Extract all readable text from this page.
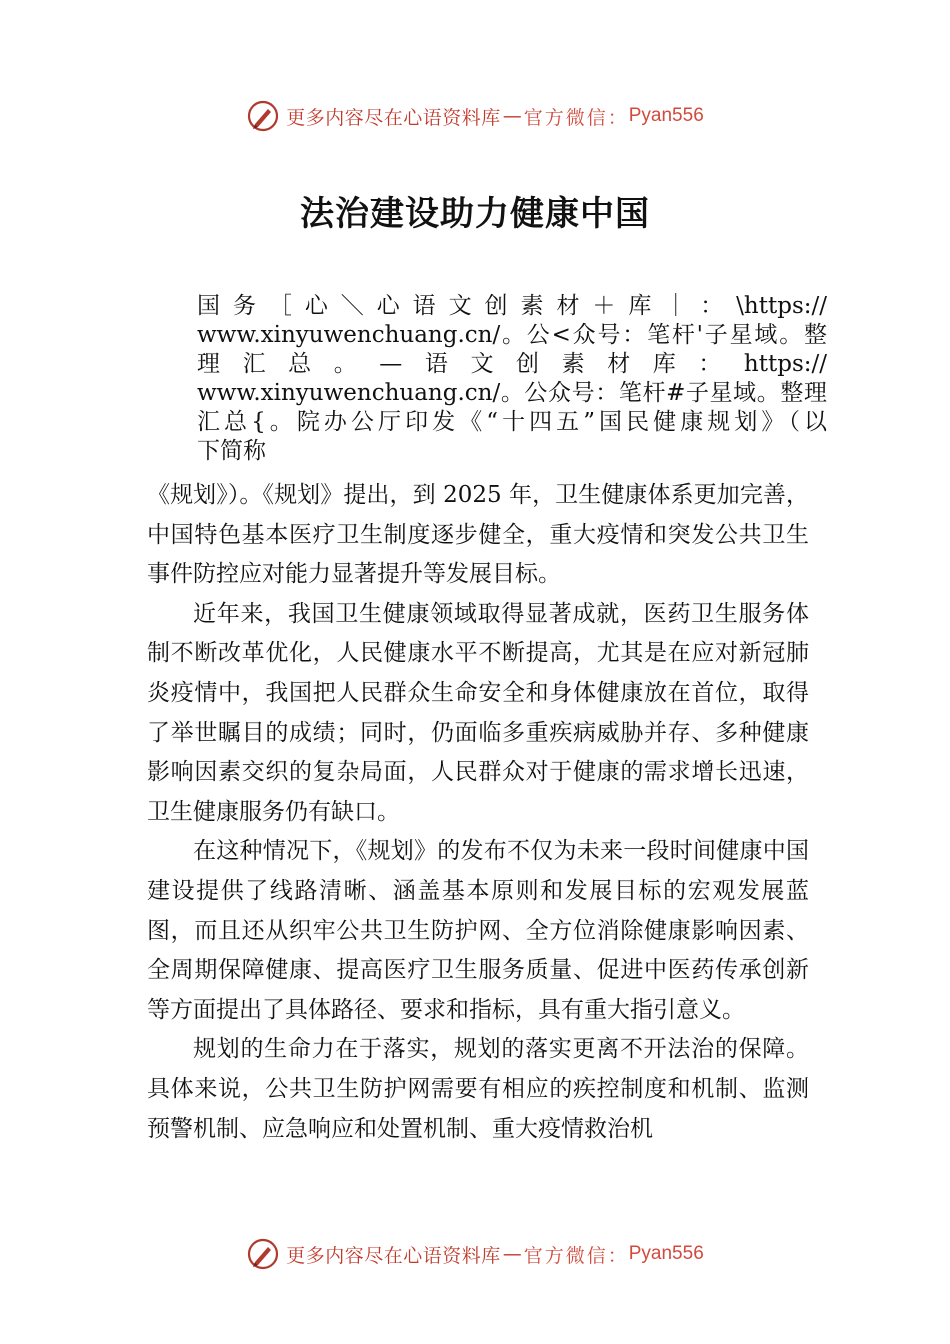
更多内容尽在心语资料库 — 官方微信： Pyan556
法治建设助力健康中国
国务［心＼心语文创素材＋库｜：\https://
www.xinyuwenchuang.cn/。公<众号：笔杆'子星域。整
理汇总。—语文创素材库：https://
www.xinyuwenchuang.cn/。公众号：笔杆#子星域。整理
汇总{。院办公厅印发《“十四五”国民健康规划》（以
下简称

《规划》）。《规划》提出，到 2025 年，卫生健康体系更加完善，中国特色基本医疗卫生制度逐步健全，重大疫情和突发公共卫生事件防控应对能力显著提升等发展目标。

近年来，我国卫生健康领域取得显著成就，医药卫生服务体制不断改革优化，人民健康水平不断提高，尤其是在应对新冠肺炎疫情中，我国把人民群众生命安全和身体健康放在首位，取得了举世瞩目的成绩；同时，仍面临多重疾病威胁并存、多种健康影响因素交织的复杂局面，人民群众对于健康的需求增长迅速，卫生健康服务仍有缺口。

在这种情况下，《规划》的发布不仅为未来一段时间健康中国建设提供了线路清晰、涵盖基本原则和发展目标的宏观发展蓝图，而且还从织牢公共卫生防护网、全方位消除健康影响因素、全周期保障健康、提高医疗卫生服务质量、促进中医药传承创新等方面提出了具体路径、要求和指标，具有重大指引意义。

规划的生命力在于落实，规划的落实更离不开法治的保障。具体来说，公共卫生防护网需要有相应的疾控制度和机制、监测预警机制、应急响应和处置机制、重大疫情救治机

更多内容尽在心语资料库 — 官方微信： Pyan556
